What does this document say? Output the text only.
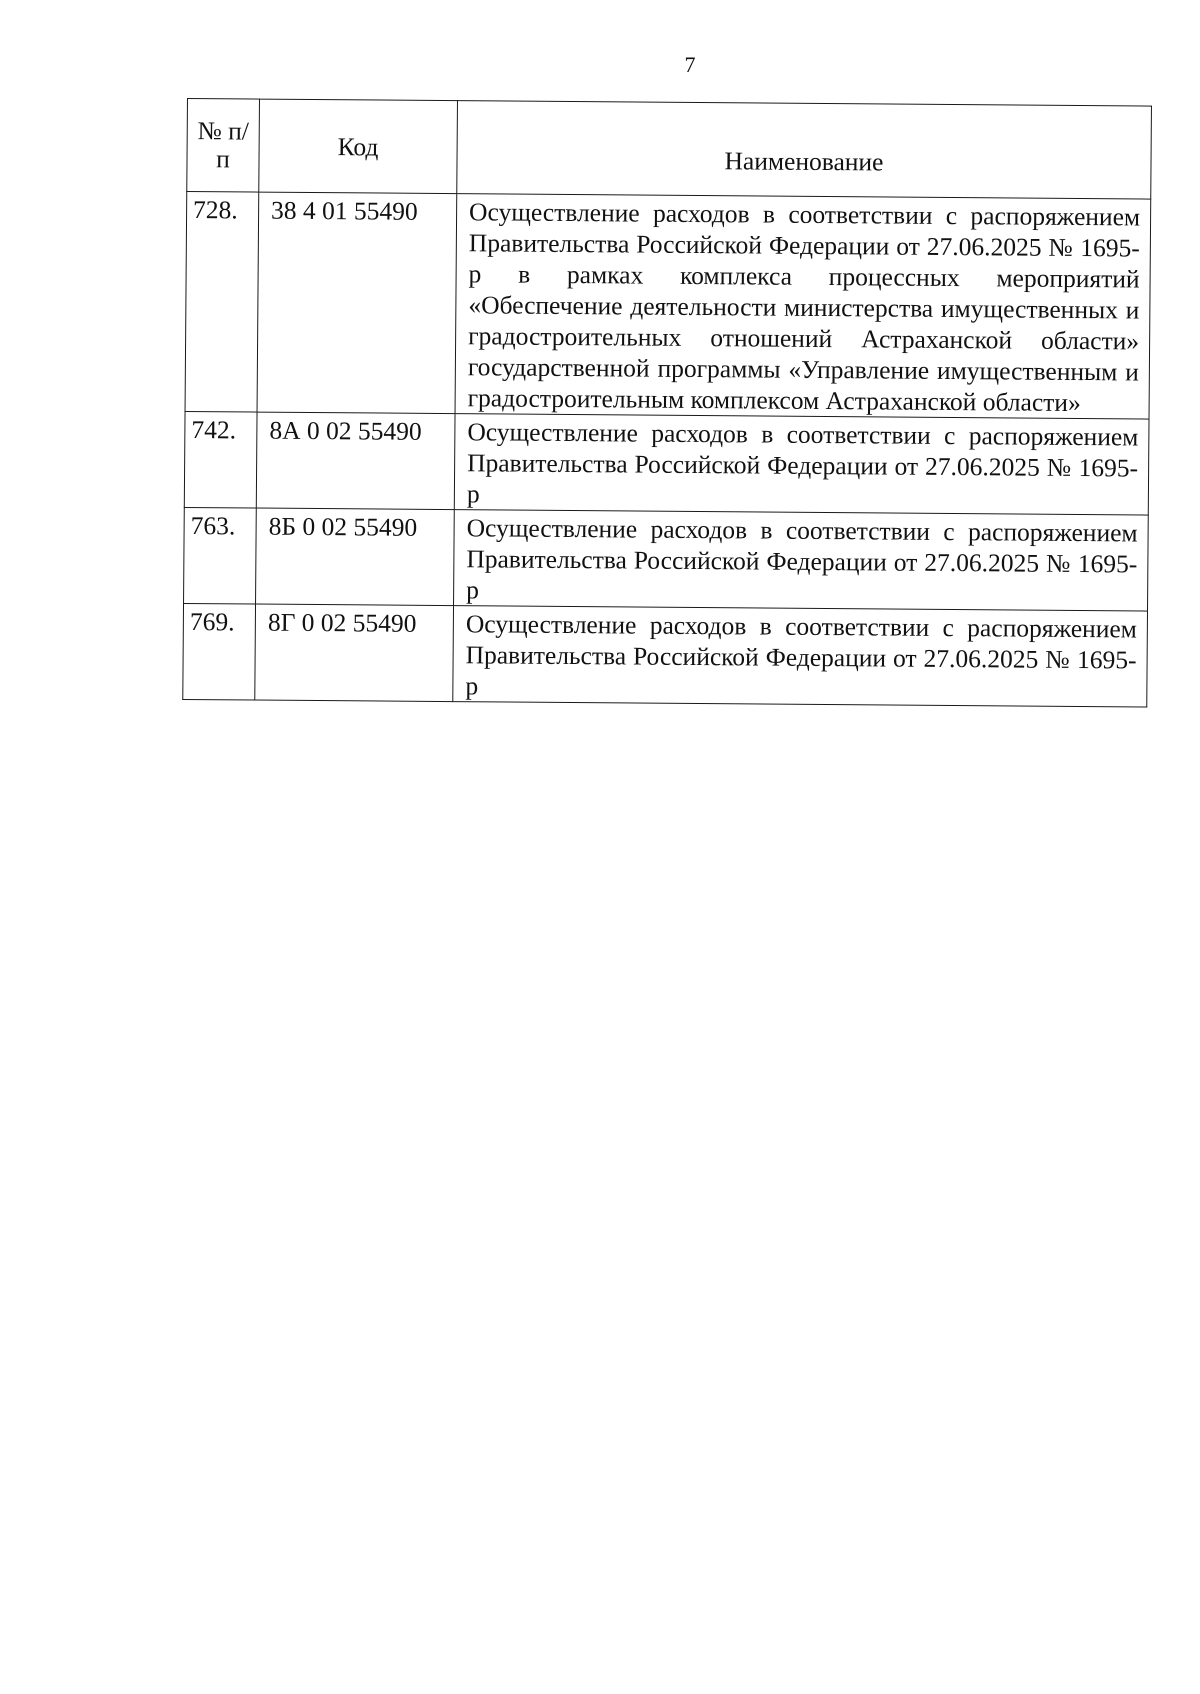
7
№ п/п	Код	Наименование
728.	38 4 01 55490	Осуществление расходов в соответствии с распоряжением Правительства Российской Федерации от 27.06.2025 № 1695-р в рамках комплекса процессных мероприятий «Обеспечение деятельности министерства имущественных и градостроительных отношений Астраханской области» государственной программы «Управление имущественным и градостроительным комплексом Астраханской области»
742.	8А 0 02 55490	Осуществление расходов в соответствии с распоряжением Правительства Российской Федерации от 27.06.2025 № 1695-р
763.	8Б 0 02 55490	Осуществление расходов в соответствии с распоряжением Правительства Российской Федерации от 27.06.2025 № 1695-р
769.	8Г 0 02 55490	Осуществление расходов в соответствии с распоряжением Правительства Российской Федерации от 27.06.2025 № 1695-р
